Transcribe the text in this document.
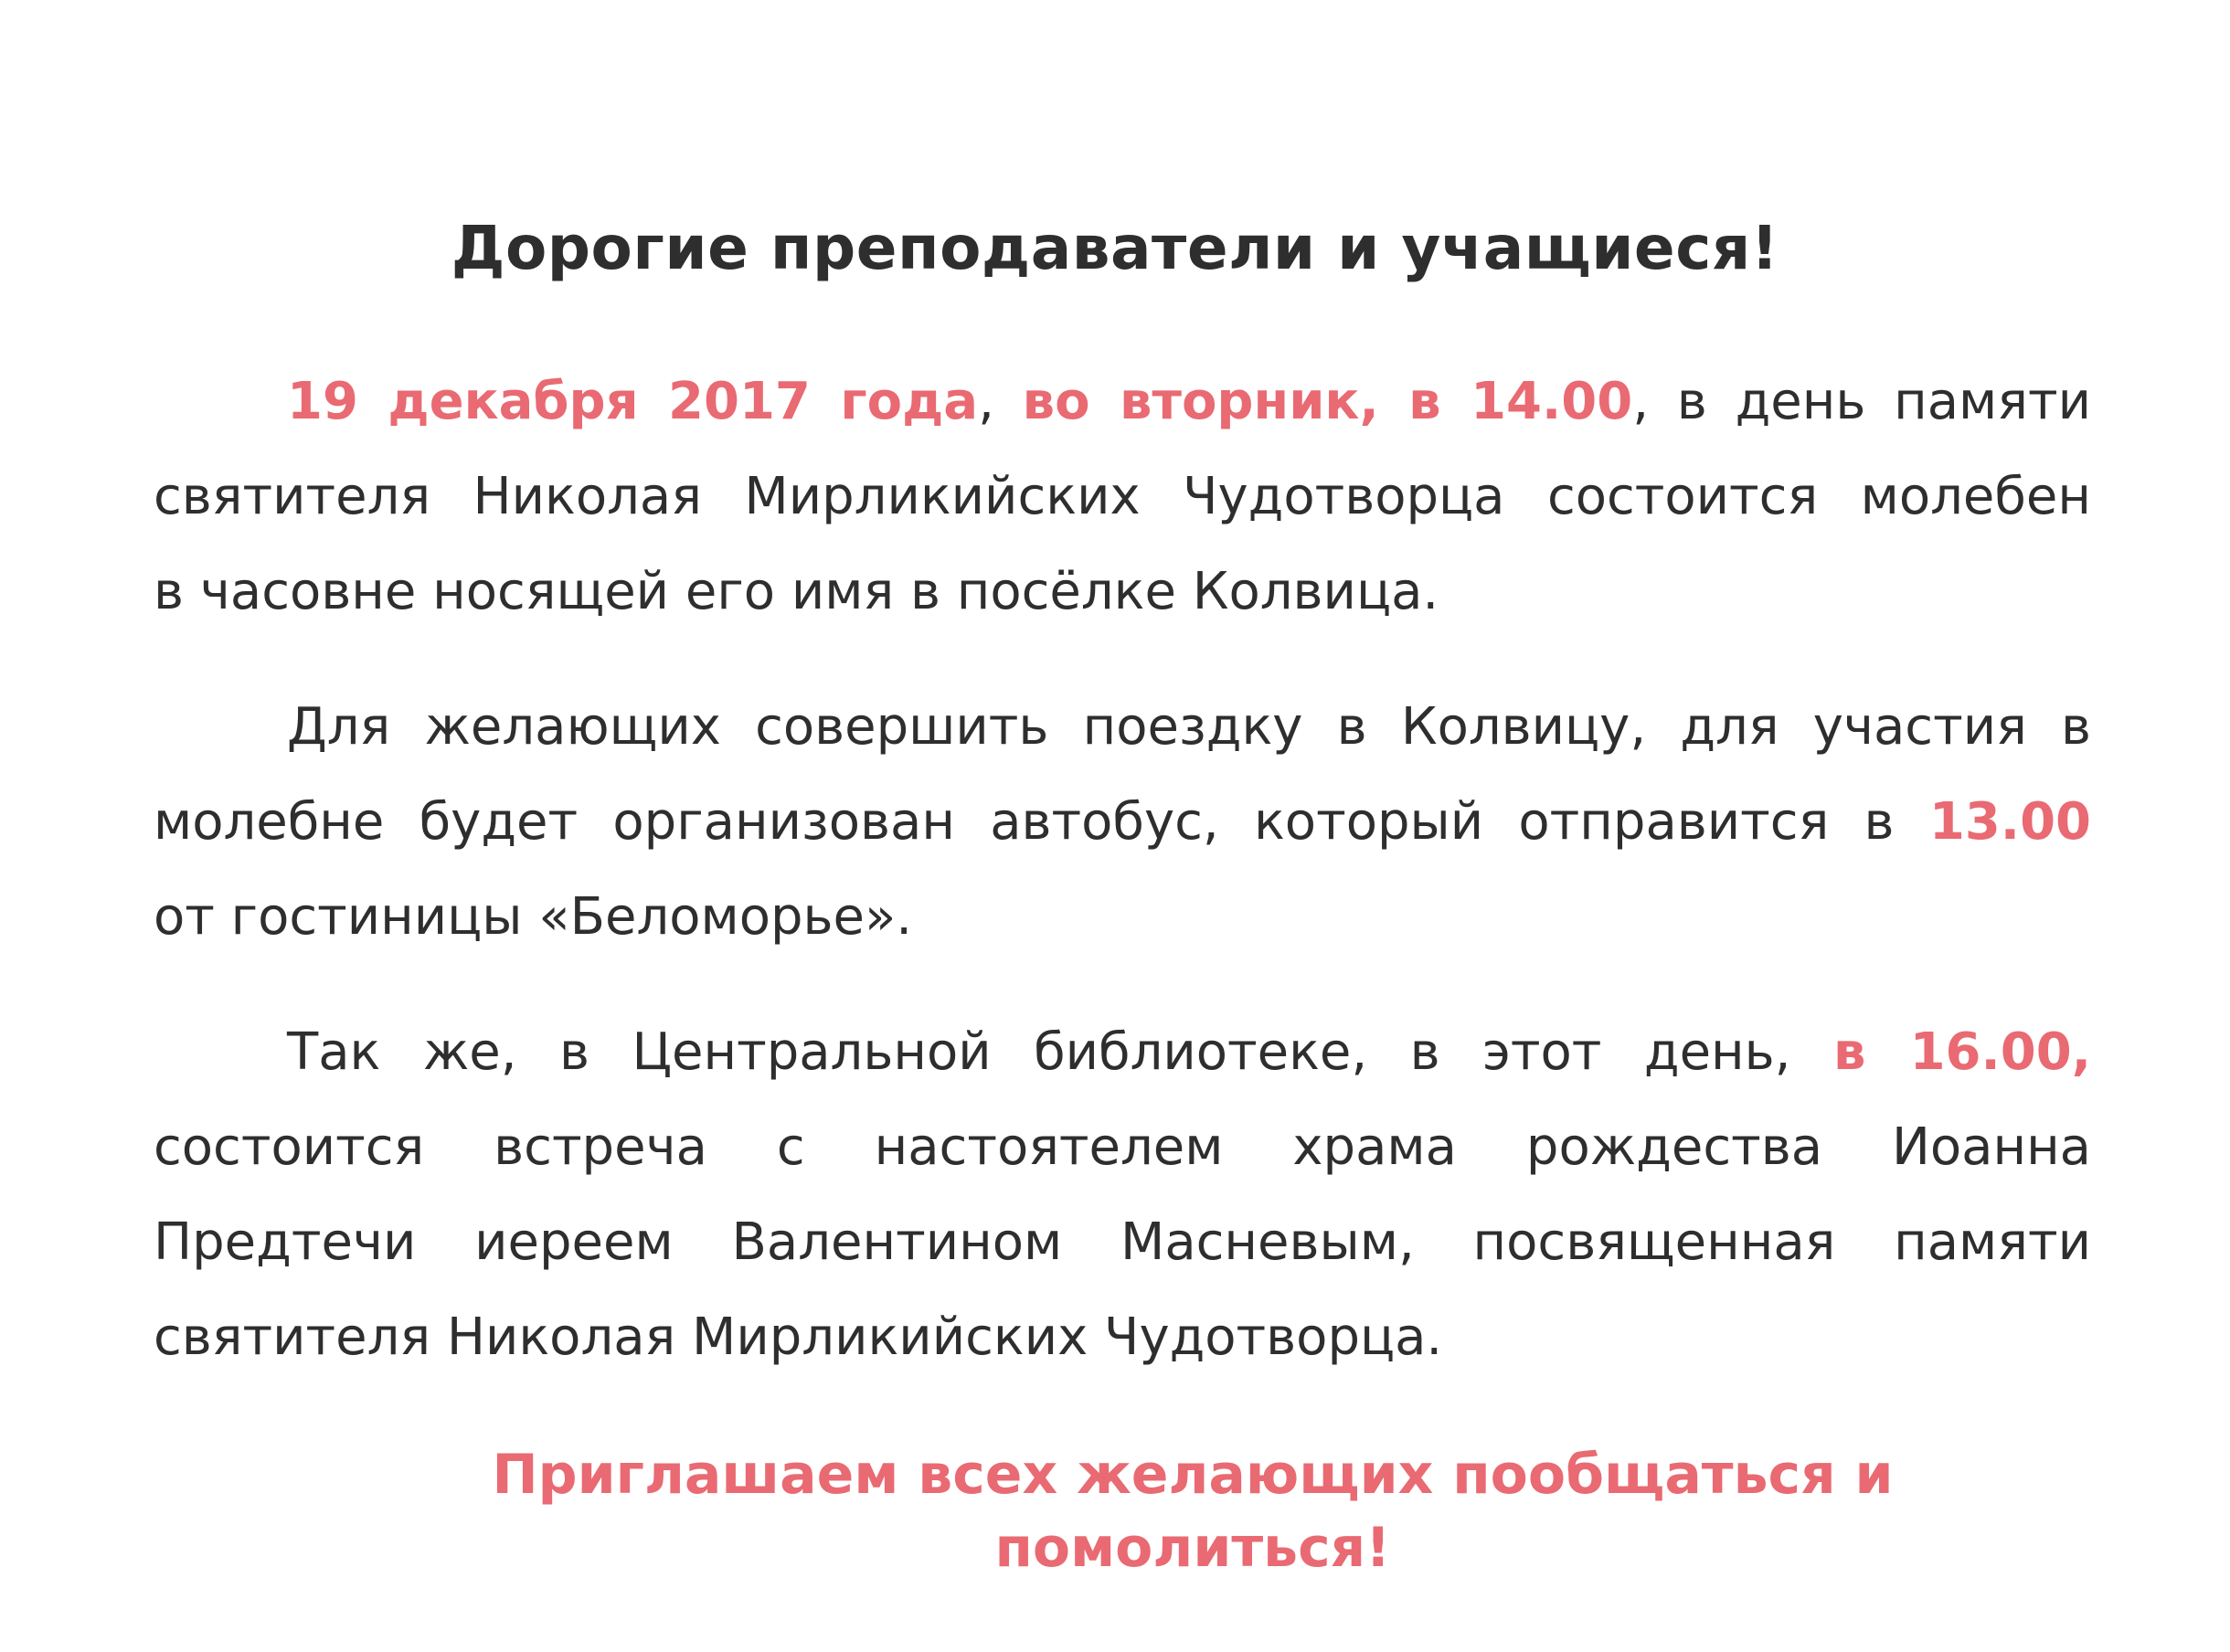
Дорогие преподаватели и учащиеся!
19 декабря 2017 года, во вторник, в 14.00, в день памяти
святителя Николая Мирликийских Чудотворца состоится молебен
в часовне носящей его имя в посёлке Колвица.
Для желающих совершить поездку в Колвицу, для участия в
молебне будет организован автобус, который отправится в 13.00
от гостиницы «Беломорье».
Так же, в Центральной библиотеке, в этот день, в 16.00,
состоится встреча с настоятелем храма рождества Иоанна
Предтечи иереем Валентином Масневым, посвященная памяти
святителя Николая Мирликийских Чудотворца.
Приглашаем всех желающих пообщаться и помолиться!
